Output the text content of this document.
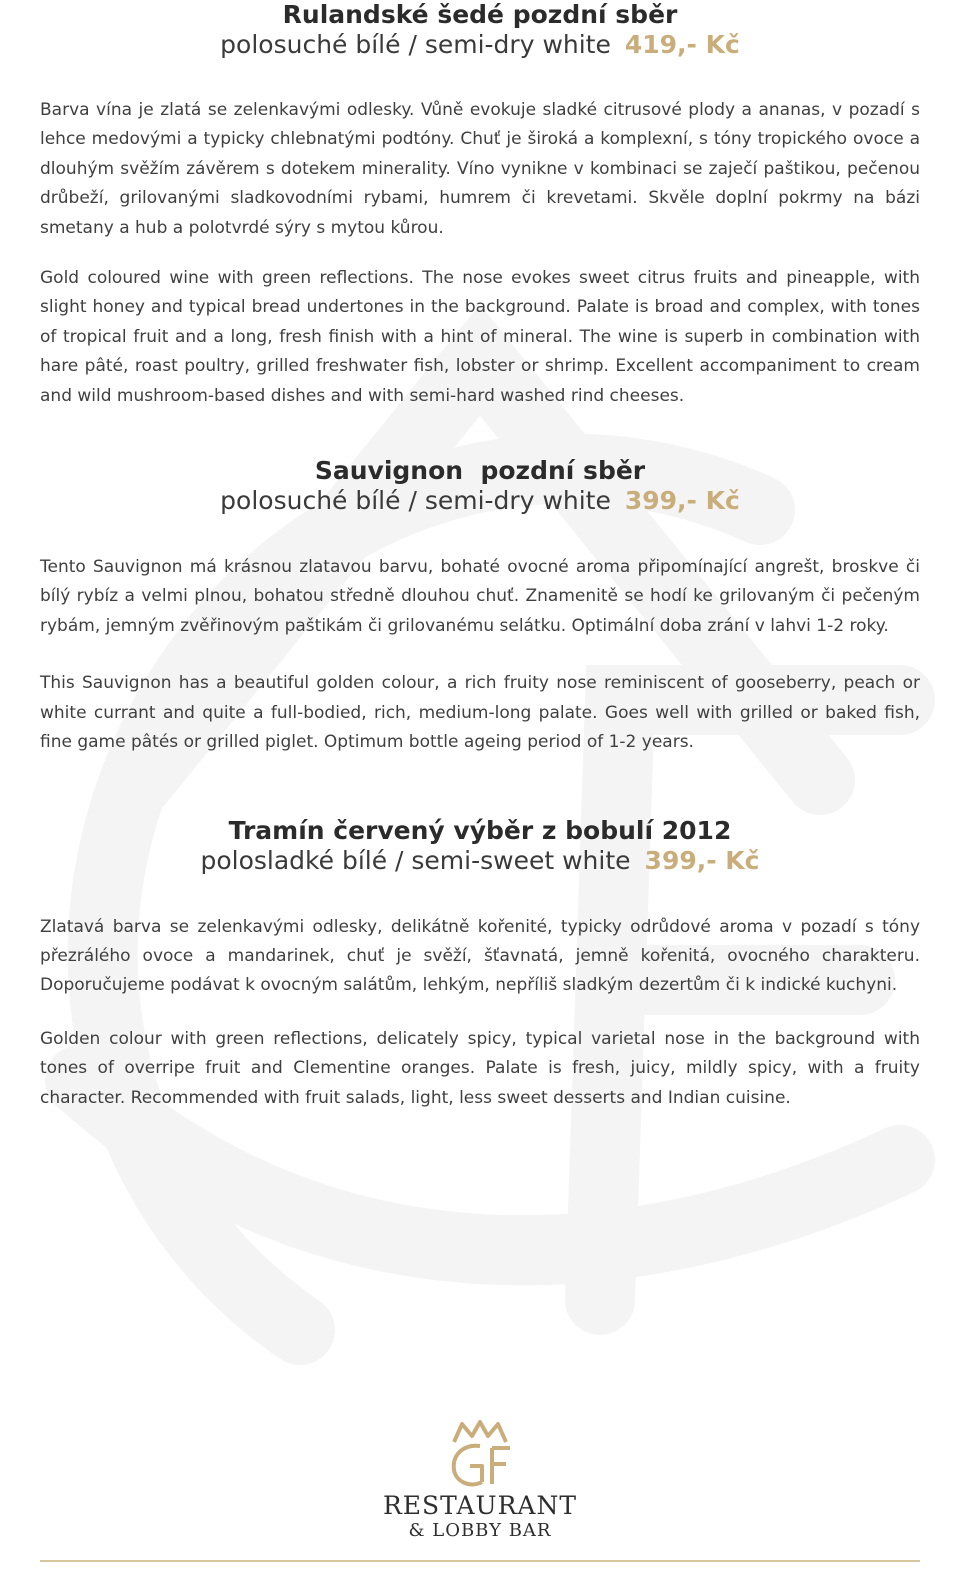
Rulandské šedé pozdní sběr

polosuché bílé / semi-dry white 419,- Kč

Barva vína je zlatá se zelenkavými odlesky. Vůně evokuje sladké citrusové plody a ananas, v pozadí s lehce medovými a typicky chlebnatými podtóny. Chuť je široká a komplexní, s tóny tropického ovoce a dlouhým svěžím závěrem s dotekem minerality. Víno vynikne v kombinaci se zaječí paštikou, pečenou drůbeží, grilovanými sladkovodními rybami, humrem či krevetami. Skvěle doplní pokrmy na bázi smetany a hub a polotvrdé sýry s mytou kůrou.

Gold coloured wine with green reflections. The nose evokes sweet citrus fruits and pineapple, with slight honey and typical bread undertones in the background. Palate is broad and complex, with tones of tropical fruit and a long, fresh finish with a hint of mineral. The wine is superb in combination with hare pâté, roast poultry, grilled freshwater fish, lobster or shrimp. Excellent accompaniment to cream and wild mushroom-based dishes and with semi-hard washed rind cheeses.

Sauvignon  pozdní sběr

polosuché bílé / semi-dry white 399,- Kč

Tento Sauvignon má krásnou zlatavou barvu, bohaté ovocné aroma připomínající angrešt, broskve či bílý rybíz a velmi plnou, bohatou středně dlouhou chuť. Znamenitě se hodí ke grilovaným či pečeným rybám, jemným zvěřinovým paštikám či grilovanému selátku. Optimální doba zrání v lahvi 1-2 roky.

This Sauvignon has a beautiful golden colour, a rich fruity nose reminiscent of gooseberry, peach or white currant and quite a full-bodied, rich, medium-long palate. Goes well with grilled or baked fish, fine game pâtés or grilled piglet. Optimum bottle ageing period of 1-2 years.

Tramín červený výběr z bobulí 2012

polosladké bílé / semi-sweet white 399,- Kč

Zlatavá barva se zelenkavými odlesky, delikátně kořenité, typicky odrůdové aroma v pozadí s tóny přezrálého ovoce a mandarinek, chuť je svěží, šťavnatá, jemně kořenitá, ovocného charakteru. Doporučujeme podávat k ovocným salátům, lehkým, nepříliš sladkým dezertům či k indické kuchyni.

Golden colour with green reflections, delicately spicy, typical varietal nose in the background with tones of overripe fruit and Clementine oranges. Palate is fresh, juicy, mildly spicy, with a fruity character. Recommended with fruit salads, light, less sweet desserts and Indian cuisine.

RESTAURANT
& LOBBY BAR
